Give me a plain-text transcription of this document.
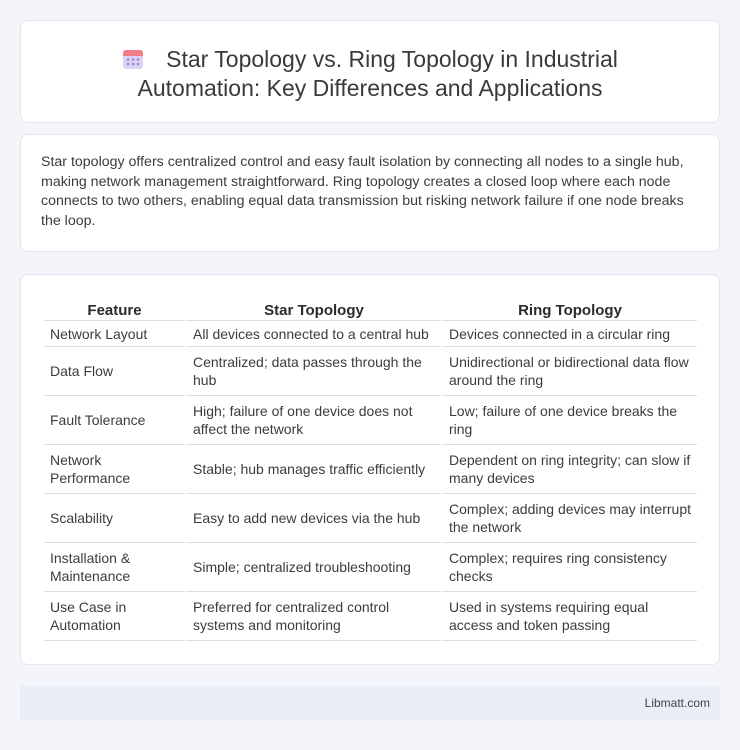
Star Topology vs. Ring Topology in Industrial Automation: Key Differences and Applications

Star topology offers centralized control and easy fault isolation by connecting all nodes to a single hub, making network management straightforward. Ring topology creates a closed loop where each node connects to two others, enabling equal data transmission but risking network failure if one node breaks the loop.

Feature	Star Topology	Ring Topology
Network Layout	All devices connected to a central hub	Devices connected in a circular ring
Data Flow	Centralized; data passes through the hub	Unidirectional or bidirectional data flow around the ring
Fault Tolerance	High; failure of one device does not affect the network	Low; failure of one device breaks the ring
Network Performance	Stable; hub manages traffic efficiently	Dependent on ring integrity; can slow if many devices
Scalability	Easy to add new devices via the hub	Complex; adding devices may interrupt the network
Installation & Maintenance	Simple; centralized troubleshooting	Complex; requires ring consistency checks
Use Case in Automation	Preferred for centralized control systems and monitoring	Used in systems requiring equal access and token passing
Libmatt.com
